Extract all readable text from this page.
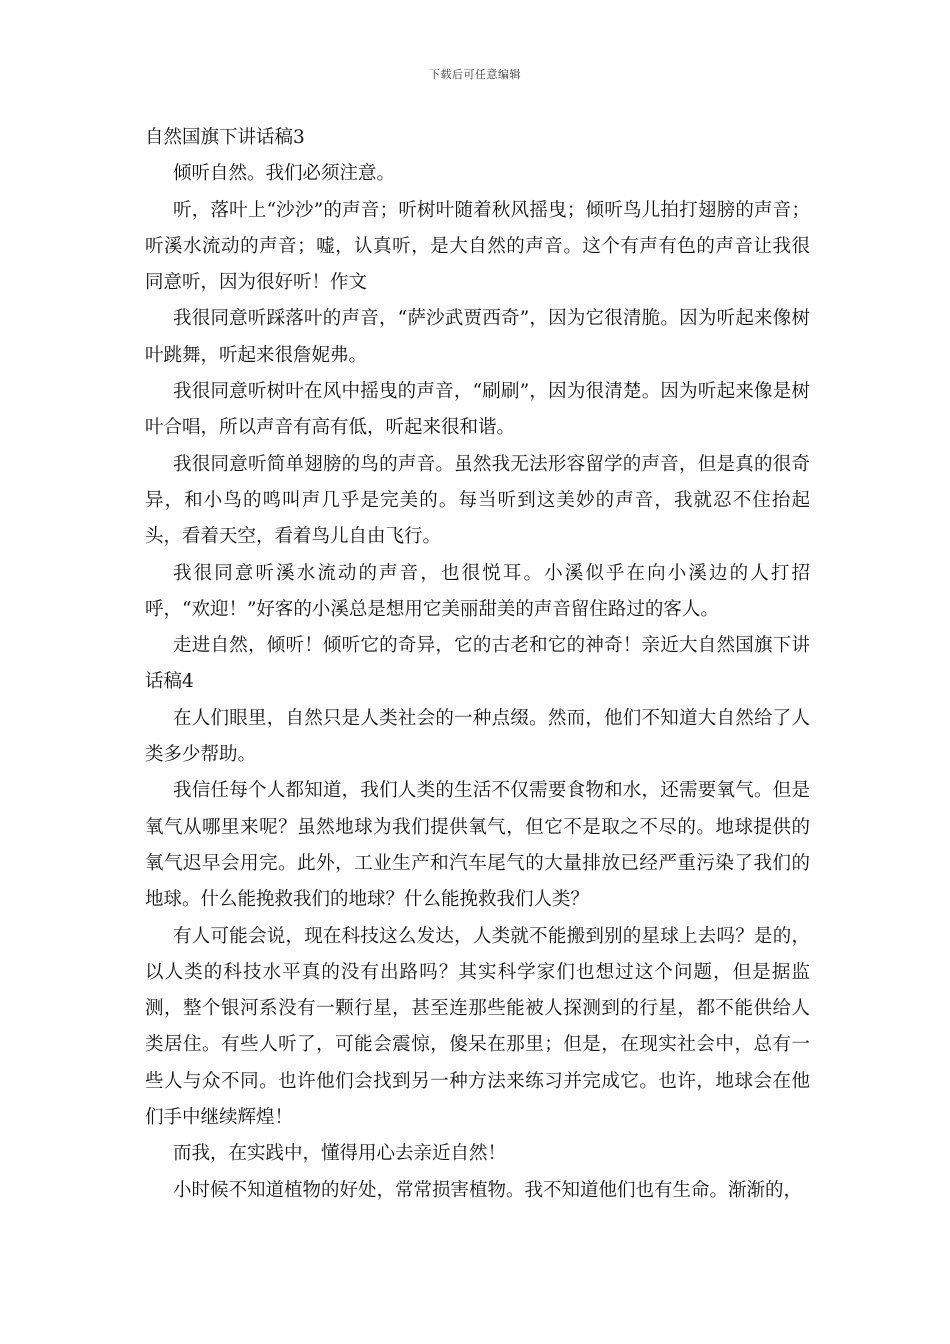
下载后可任意编辑

自然国旗下讲话稿3

倾听自然。我们必须注意。

听，落叶上“沙沙”的声音；听树叶随着秋风摇曳；倾听鸟儿拍打翅膀的声音；听溪水流动的声音；嘘，认真听，是大自然的声音。这个有声有色的声音让我很同意听，因为很好听！作文

我很同意听踩落叶的声音，“萨沙武贾西奇”，因为它很清脆。因为听起来像树叶跳舞，听起来很詹妮弗。

我很同意听树叶在风中摇曳的声音，“刷刷”，因为很清楚。因为听起来像是树叶合唱，所以声音有高有低，听起来很和谐。

我很同意听简单翅膀的鸟的声音。虽然我无法形容留学的声音，但是真的很奇异，和小鸟的鸣叫声几乎是完美的。每当听到这美妙的声音，我就忍不住抬起头，看着天空，看着鸟儿自由飞行。

我很同意听溪水流动的声音，也很悦耳。小溪似乎在向小溪边的人打招呼，“欢迎！”好客的小溪总是想用它美丽甜美的声音留住路过的客人。

走进自然，倾听！倾听它的奇异，它的古老和它的神奇！亲近大自然国旗下讲话稿4

在人们眼里，自然只是人类社会的一种点缀。然而，他们不知道大自然给了人类多少帮助。

我信任每个人都知道，我们人类的生活不仅需要食物和水，还需要氧气。但是氧气从哪里来呢？虽然地球为我们提供氧气，但它不是取之不尽的。地球提供的氧气迟早会用完。此外，工业生产和汽车尾气的大量排放已经严重污染了我们的地球。什么能挽救我们的地球？什么能挽救我们人类？

有人可能会说，现在科技这么发达，人类就不能搬到别的星球上去吗？是的，以人类的科技水平真的没有出路吗？其实科学家们也想过这个问题，但是据监测，整个银河系没有一颗行星，甚至连那些能被人探测到的行星，都不能供给人类居住。有些人听了，可能会震惊，傻呆在那里；但是，在现实社会中，总有一些人与众不同。也许他们会找到另一种方法来练习并完成它。也许，地球会在他们手中继续辉煌！

而我，在实践中，懂得用心去亲近自然！

小时候不知道植物的好处，常常损害植物。我不知道他们也有生命。渐渐的，
